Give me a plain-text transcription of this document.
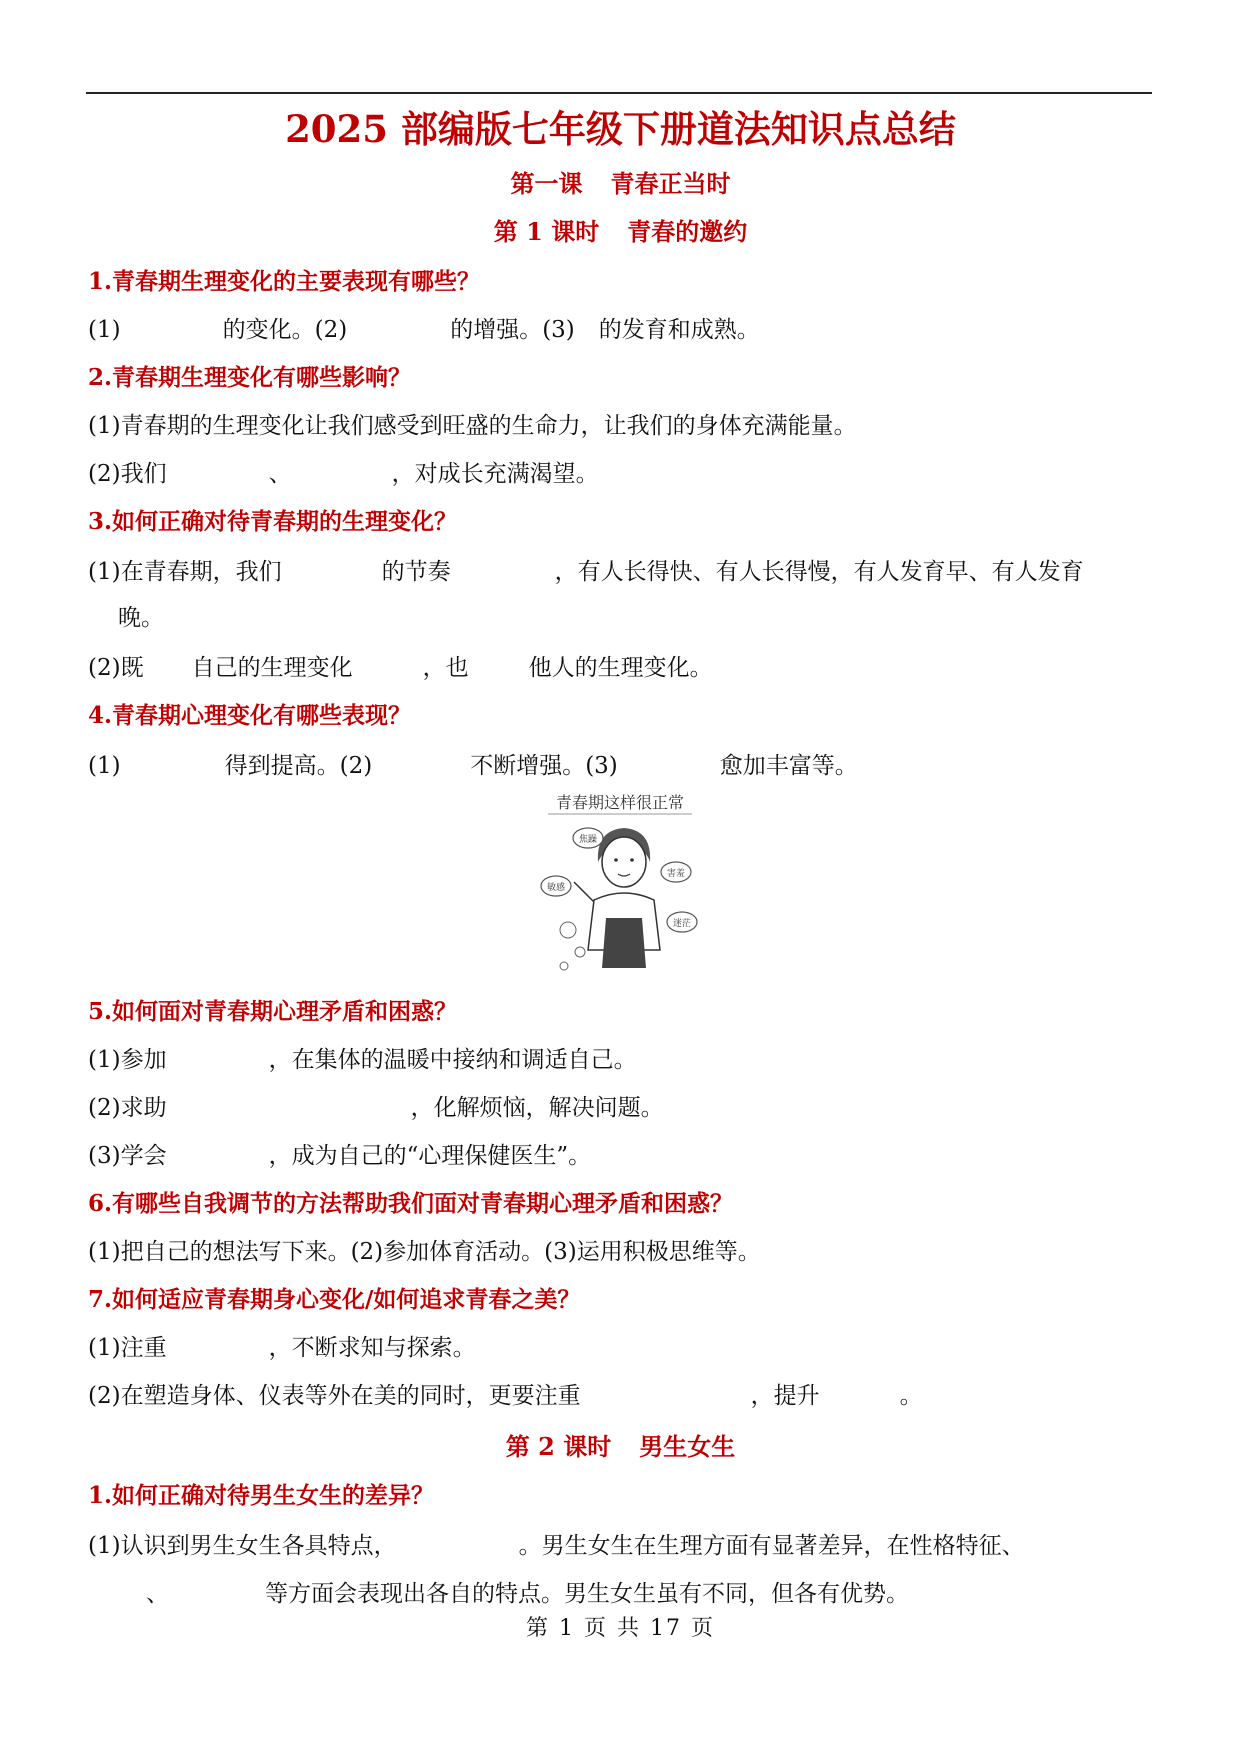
2025 部编版七年级下册道法知识点总结
第一课 青春正当时
第 1 课时 青春的邀约
1.青春期生理变化的主要表现有哪些？
(1)	的变化。(2)	的增强。(3) 的发育和成熟。
2.青春期生理变化有哪些影响？
(1)青春期的生理变化让我们感受到旺盛的生命力，让我们的身体充满能量。
(2)我们	、	，对成长充满渴望。
3.如何正确对待青春期的生理变化？
(1)在青春期，我们	的节奏	，有人长得快、有人长得慢，有人发育早、有人发育
晚。
(2)既 自己的生理变化	，也	他人的生理变化。
4.青春期心理变化有哪些表现？
(1)	得到提高。(2)	不断增强。(3)	愈加丰富等。
青春期这样很正常
焦躁
敏感
害羞
迷茫
5.如何面对青春期心理矛盾和困惑？
(1)参加	，在集体的温暖中接纳和调适自己。
(2)求助	，化解烦恼，解决问题。
(3)学会	，成为自己的“心理保健医生”。
6.有哪些自我调节的方法帮助我们面对青春期心理矛盾和困惑？
(1)把自己的想法写下来。(2)参加体育活动。(3)运用积极思维等。
7.如何适应青春期身心变化/如何追求青春之美？
(1)注重	，不断求知与探索。
(2)在塑造身体、仪表等外在美的同时，更要注重	，提升	。
第 2 课时 男生女生
1.如何正确对待男生女生的差异？
(1)认识到男生女生各具特点，	。男生女生在生理方面有显著差异，在性格特征、
、	等方面会表现出各自的特点。男生女生虽有不同，但各有优势。
第 1 页 共 17 页
